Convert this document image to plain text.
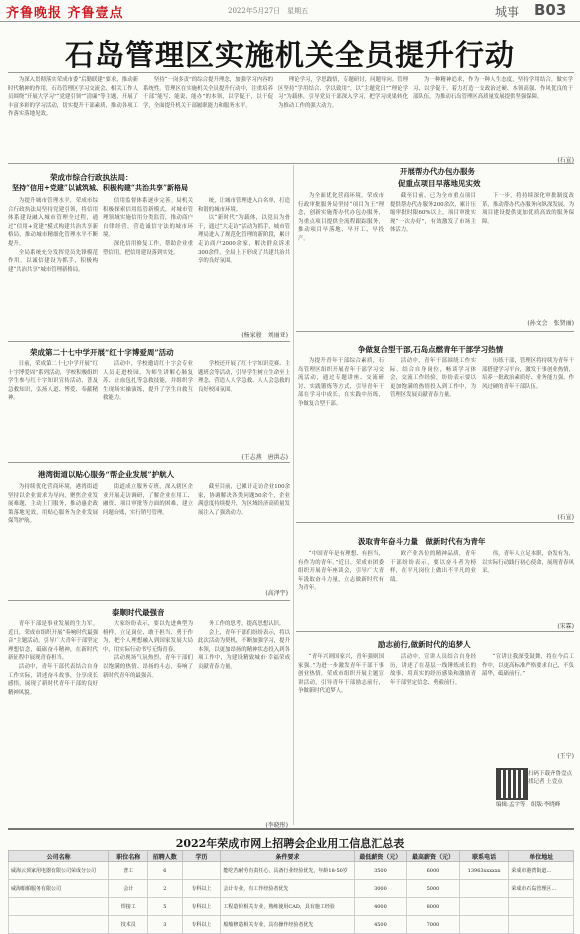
齐鲁晚报 齐鲁壹点	2022年5月27日　星期五	城事 B03
石岛管理区实施机关全员提升行动

为深入贯彻落实荣成市委“后勤联建”要求，推动新时代精神的作用，石岛管理区学习交流会、相关工作人员围绕“开展大学习”“党建引领”“清廉”等主题，开展了丰富多彩的学习活动，切实提升干部素质，推动各项工作落实落地见效。

坚持“一岗多责”的综合提升理念，加强学习内容的系统性。管理区在实施机关全员提升行动中，注重培养干部“能写、能说、能办”的本领，以学促干，以干促学，全面提升机关干部履职能力和服务水平。

理论学习，学思践悟，专题研讨，问题导向。管理区坚持“学用结合、学以致用”，以“主题党日”“理论学习”为载体，引导党员干部深入学习，把学习成果转化为推动工作的强大动力。

为一种精神追求，作为一种人生态度，坚持学用结合，做实学习，以学促干，着力打造一支政治过硬、本领高强、作风优良的干部队伍，为推动石岛管理区高质量发展提供坚强保障。

(石宣)
荣成市综合行政执法局：
坚持“信用+党建”以诚筑城、积极构建“共治共享”新格局

为提升城市管理水平，荣成市综合行政执法局坚持党建引领，将信用体系建设融入城市管理全过程，通过“信用+党建”模式构建共治共享新格局，推动城市精细化管理水平不断提升。

全局系统充分发挥党员先锋模范作用，以诚信建设为抓手，积极构建“共治共享”城市管理新格局。

信用监督体系逐步完善。局机关积极探索信用监管新模式，对城市管理领域实施信用分类监管，推动商户自律经营，营造诚信守法的城市环境。

深化信用修复工作，帮助企业重塑信用，把信用建设落到实处。

统，让城市管理进入白名单，打造和谐的城市环境。

以“新时代”为载体，以党员为骨干，通过“大走访”活动为抓手，城市管理局进入了规范化管理的新阶段，累计走访商户2000余家，解决群众诉求300余件，全局上下形成了共建共治共享的良好氛围。

(杨家骏　刘丽亚)
开展帮办代办包办服务
促重点项目早落地见实效

为全面优化营商环境，荣成市行政审批服务局坚持“项目为王”理念，创新实施帮办代办包办服务，为重点项目提供全流程跟踪服务，推动项目早落地、早开工、早投产。

截至目前，已为全市重点项目提供帮办代办服务200余次，累计压缩审批时限60%以上，项目审批实现“一次办好”，有效激发了市场主体活力。

下一步，将持续深化审批制度改革，推动帮办代办服务向纵深发展，为项目建设提供更加优质高效的服务保障。

(孙文会　张贤丽)
荣成第二十七中学开展“红十字博爱周”活动

日前，荣成第二十七中学开展“红十字博爱周”系列活动，学校积极组织学生参与红十字知识宣传活动，普及急救知识，弘扬人道、博爱、奉献精神。

活动中，学校邀请红十字会专业人员走进校园，为师生讲解心肺复苏、止血包扎等急救技能，并组织学生现场实操演练，提升了学生自救互救能力。

学校还开展了红十字知识竞赛、主题班会等活动，引导学生树立生命至上理念，营造人人学急救、人人会急救的良好校园氛围。

(王志燕　唐洪志)
争做复合型干部,石岛点燃青年干部学习热情

为提升青年干部综合素质，石岛管理区组织开展青年干部学习交流活动，通过专题讲座、交流研讨、实践锻炼等方式，引导青年干部在学习中成长，在实践中历练，争做复合型干部。

活动中，青年干部围绕工作实际，结合自身岗位，畅谈学习体会，交流工作经验，纷纷表示要以更加饱满的热情投入到工作中，为管理区发展贡献青春力量。

历练干部，管理区将持续为青年干部搭建学习平台，激发干事创业热情，培养一批政治素质好、业务能力强、作风过硬的青年干部队伍。

(石宣)
港湾街道以贴心服务“帮企业发展”护航人

为持续优化营商环境，港湾街道坚持以企业需求为导向，聚焦企业发展难题，主动上门服务，推动惠企政策落地见效，用贴心服务为企业发展保驾护航。

街道成立服务专班，深入辖区企业开展走访调研，了解企业在用工、融资、项目审批等方面的困难，建立问题台账，实行销号管理。

截至目前，已累计走访企业100余家，协调解决各类问题50余个，企业满意度持续提升，为区域经济高质量发展注入了强劲动力。

(高泽宇)
泰顺时代最强音

青年干部是事业发展的生力军。近日，荣成市组织开展“奏响时代最强音”主题活动，引导广大青年干部坚定理想信念，砥砺奋斗精神，在新时代新征程中展现青春担当。

活动中，青年干部代表结合自身工作实际，讲述奋斗故事，分享成长感悟，展现了新时代青年干部的良好精神风貌。

大家纷纷表示，要以先进典型为榜样，立足岗位、敢于担当、勇于作为，把个人理想融入到国家发展大局中，用实际行动书写无悔青春。

活动现场气氛热烈，青年干部们以饱满的热情、昂扬的斗志，奏响了新时代青年的最强音。

务工作的思考，提高思想认识。

会上，青年干部们纷纷表示，将以此次活动为契机，不断加强学习，提升本领，以更加昂扬的精神状态投入到各项工作中，为建设精致城市·幸福荣成贡献青春力量。

(李晓彤)
汲取青年奋斗力量　做新时代有为青年

“中国青年是有理想、有担当、有作为的青年。”近日，荣成市团委组织开展青年座谈会，引导广大青年汲取奋斗力量，立志做新时代有为青年。

欧产业各位的精神品质，青年干部纷纷表示，要以奋斗者为榜样，在平凡岗位上做出不平凡的业绩。

伟，青年人立足本职，奋发有为，以实际行动践行初心使命，展现青春风采。

(宋霖)
励志前行,做新时代的追梦人

“青年兴则国家兴，青年强则国家强。”为进一步激发青年干部干事创业热情，荣成市组织开展主题宣讲活动，引导青年干部励志前行，争做新时代追梦人。

活动中，宣讲人员结合自身经历，讲述了在基层一线锤炼成长的故事，用真实的经历感染和激励青年干部坚定信念、勇毅前行。

“宣讲让我深受鼓舞，将在今后工作中，以更高标准严格要求自己，不负韶华，砥砺前行。”

(王宁)
扫码下载齐鲁壹点 找记者 上壹点
编辑:孟宇等　组版:李晓峰
2022年荣成市网上招聘会企业用工信息汇总表
公司名称	职位名称	招聘人数	学历	条件要求	最低薪资（元）	最高薪资（元）	联系电话	单位地址
威海云顶家用电器有限公司荣成分公司	普工	6		能吃苦耐劳有责任心，具备行业经验优先，年龄18-50岁	3500	6000	13963xxxxxx	荣成市港湾街道…
威海船舶服务有限公司	会计	2	专科以上	会计专业，有工作经验者优先	3000	5000		荣成市石岛管理区…
	焊接工	5	专科以上	工程造价相关专业，熟练使用CAD，具有施工经验	4000	8000		
	技术员	3	专科以上	船舶修造相关专业，具有操作经验者优先	4500	7000		
